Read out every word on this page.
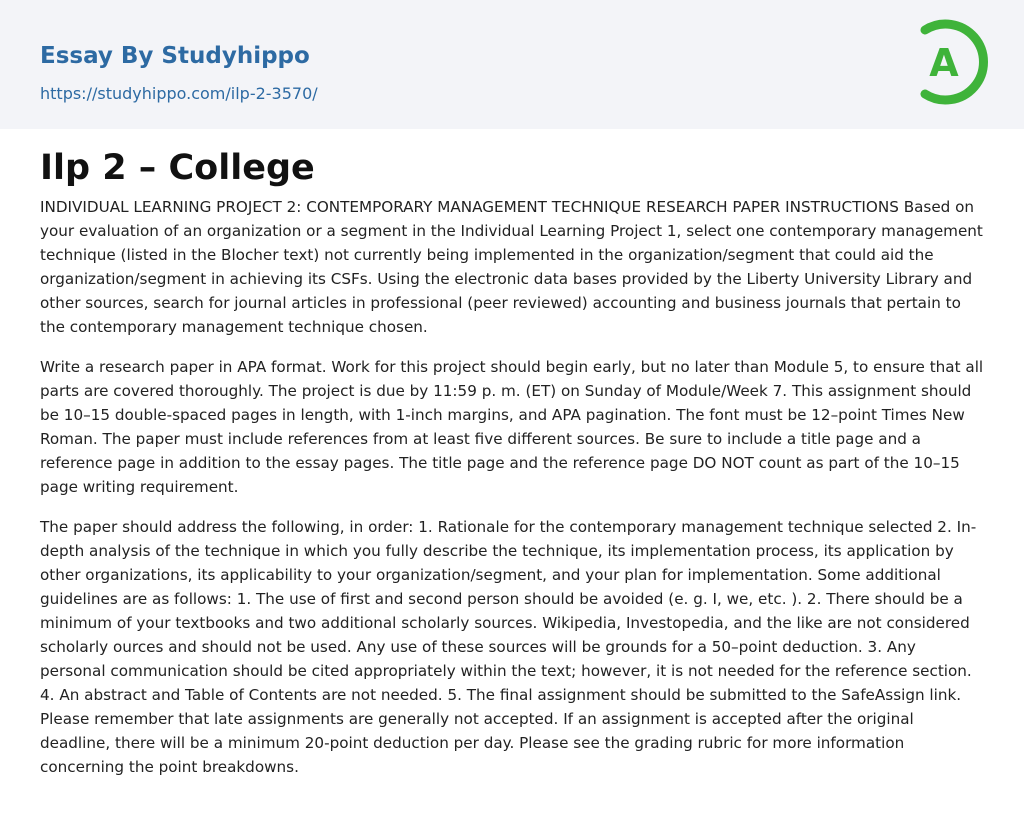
Essay By Studyhippo
https://studyhippo.com/ilp-2-3570/
A
Ilp 2 – College

INDIVIDUAL LEARNING PROJECT 2: CONTEMPORARY MANAGEMENT TECHNIQUE RESEARCH PAPER INSTRUCTIONS Based on your evaluation of an organization or a segment in the Individual Learning Project 1, select one contemporary management technique (listed in the Blocher text) not currently being implemented in the organization/segment that could aid the organization/segment in achieving its CSFs. Using the electronic data bases provided by the Liberty University Library and other sources, search for journal articles in professional (peer reviewed) accounting and business journals that pertain to the contemporary management technique chosen.

Write a research paper in APA format. Work for this project should begin early, but no later than Module 5, to ensure that all parts are covered thoroughly. The project is due by 11:59 p. m. (ET) on Sunday of Module/Week 7. This assignment should be 10–15 double-spaced pages in length, with 1-inch margins, and APA pagination. The font must be 12–point Times New Roman. The paper must include references from at least five different sources. Be sure to include a title page and a reference page in addition to the essay pages. The title page and the reference page DO NOT count as part of the 10–15 page writing requirement.

The paper should address the following, in order: 1. Rationale for the contemporary management technique selected 2. In-depth analysis of the technique in which you fully describe the technique, its implementation process, its application by other organizations, its applicability to your organization/segment, and your plan for implementation. Some additional guidelines are as follows: 1. The use of first and second person should be avoided (e. g. I, we, etc. ). 2. There should be a minimum of your textbooks and two additional scholarly sources. Wikipedia, Investopedia, and the like are not considered scholarly ources and should not be used. Any use of these sources will be grounds for a 50–point deduction. 3. Any personal communication should be cited appropriately within the text; however, it is not needed for the reference section. 4. An abstract and Table of Contents are not needed. 5. The final assignment should be submitted to the SafeAssign link. Please remember that late assignments are generally not accepted. If an assignment is accepted after the original deadline, there will be a minimum 20-point deduction per day. Please see the grading rubric for more information concerning the point breakdowns.
